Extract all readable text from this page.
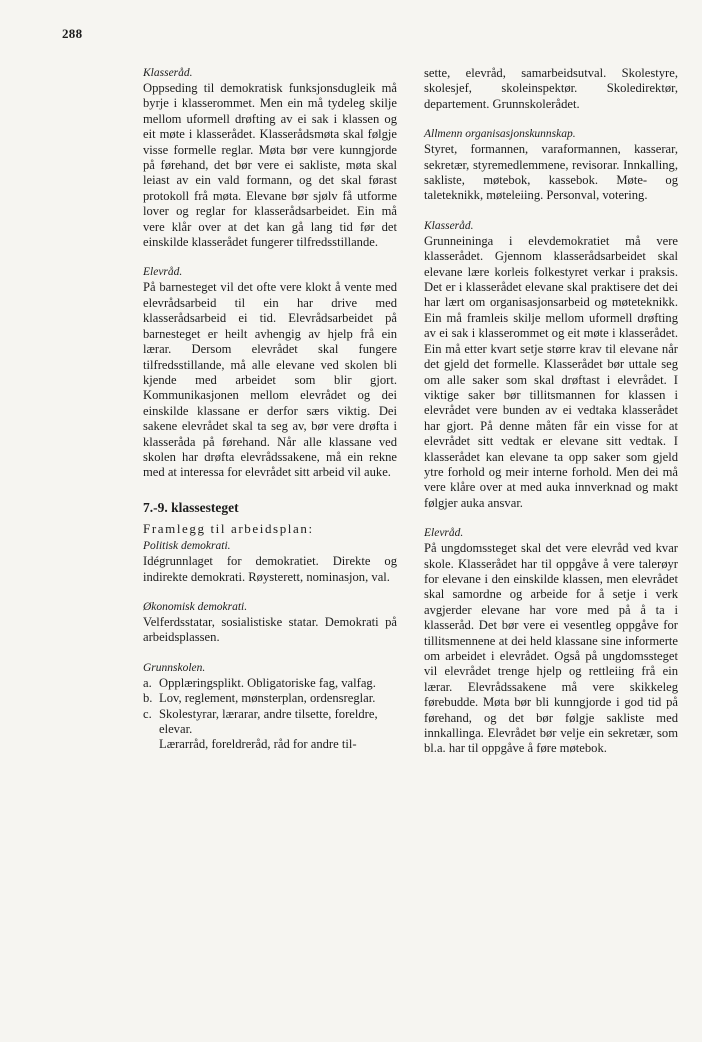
288
Klasseråd.

Oppseding til demokratisk funksjonsdugleik må byrje i klasserommet. Men ein må tydeleg skilje mellom uformell drøfting av ei sak i klassen og eit møte i klasserådet. Klasserådsmøta skal følgje visse formelle reglar. Møta bør vere kunngjorde på førehand, det bør vere ei sakliste, møta skal leiast av ein vald formann, og det skal førast protokoll frå møta. Elevane bør sjølv få utforme lover og reglar for klasserådsarbeidet. Ein må vere klår over at det kan gå lang tid før det einskilde klasserådet fungerer tilfredsstillande.

Elevråd.

På barnesteget vil det ofte vere klokt å vente med elevrådsarbeid til ein har drive med klasserådsarbeid ei tid. Elevrådsarbeidet på barnesteget er heilt avhengig av hjelp frå ein lærar. Dersom elevrådet skal fungere tilfredsstillande, må alle elevane ved skolen bli kjende med arbeidet som blir gjort. Kommunikasjonen mellom elevrådet og dei einskilde klassane er derfor særs viktig. Dei sakene elevrådet skal ta seg av, bør vere drøfta i klasseråda på førehand. Når alle klassane ved skolen har drøfta elevrådssakene, må ein rekne med at interessa for elevrådet sitt arbeid vil auke.

7.-9. klassesteget
Framlegg til arbeidsplan:
Politisk demokrati.

Idégrunnlaget for demokratiet. Direkte og indirekte demokrati. Røysterett, nominasjon, val.

Økonomisk demokrati.

Velferdsstatar, sosialistiske statar. Demokrati på arbeidsplassen.

Grunnskolen.
a. Opplæringsplikt. Obligatoriske fag, valfag.
b. Lov, reglement, mønsterplan, ordensreglar.
c. Skolestyrar, lærarar, andre tilsette, foreldre, elevar.
Lærarråd, foreldreråd, råd for andre til-

sette, elevråd, samarbeidsutval. Skolestyre, skolesjef, skoleinspektør. Skoledirektør, departement. Grunnskolerådet.

Allmenn organisasjonskunnskap.

Styret, formannen, varaformannen, kasserar, sekretær, styremedlemmene, revisorar. Innkalling, sakliste, møtebok, kassebok. Møte- og taleteknikk, møteleiing. Personval, votering.

Klasseråd.

Grunneininga i elevdemokratiet må vere klasserådet. Gjennom klasserådsarbeidet skal elevane lære korleis folkestyret verkar i praksis. Det er i klasserådet elevane skal praktisere det dei har lært om organisasjonsarbeid og møteteknikk. Ein må framleis skilje mellom uformell drøfting av ei sak i klasserommet og eit møte i klasserådet. Ein må etter kvart setje større krav til elevane når det gjeld det formelle. Klasserådet bør uttale seg om alle saker som skal drøftast i elevrådet. I viktige saker bør tillitsmannen for klassen i elevrådet vere bunden av ei vedtaka klasserådet har gjort. På denne måten får ein visse for at elevrådet sitt vedtak er elevane sitt vedtak. I klasserådet kan elevane ta opp saker som gjeld ytre forhold og meir interne forhold. Men dei må vere klåre over at med auka innverknad og makt følgjer auka ansvar.

Elevråd.

På ungdomssteget skal det vere elevråd ved kvar skole. Klasserådet har til oppgåve å vere talerøyr for elevane i den einskilde klassen, men elevrådet skal samordne og arbeide for å setje i verk avgjerder elevane har vore med på å ta i klasseråd. Det bør vere ei vesentleg oppgåve for tillitsmennene at dei held klassane sine informerte om arbeidet i elevrådet. Også på ungdomssteget vil elevrådet trenge hjelp og rettleiing frå ein lærar. Elevrådssakene må vere skikkeleg førebudde. Møta bør bli kunngjorde i god tid på førehand, og det bør følgje sakliste med innkallinga. Elevrådet bør velje ein sekretær, som bl.a. har til oppgåve å føre møtebok.
